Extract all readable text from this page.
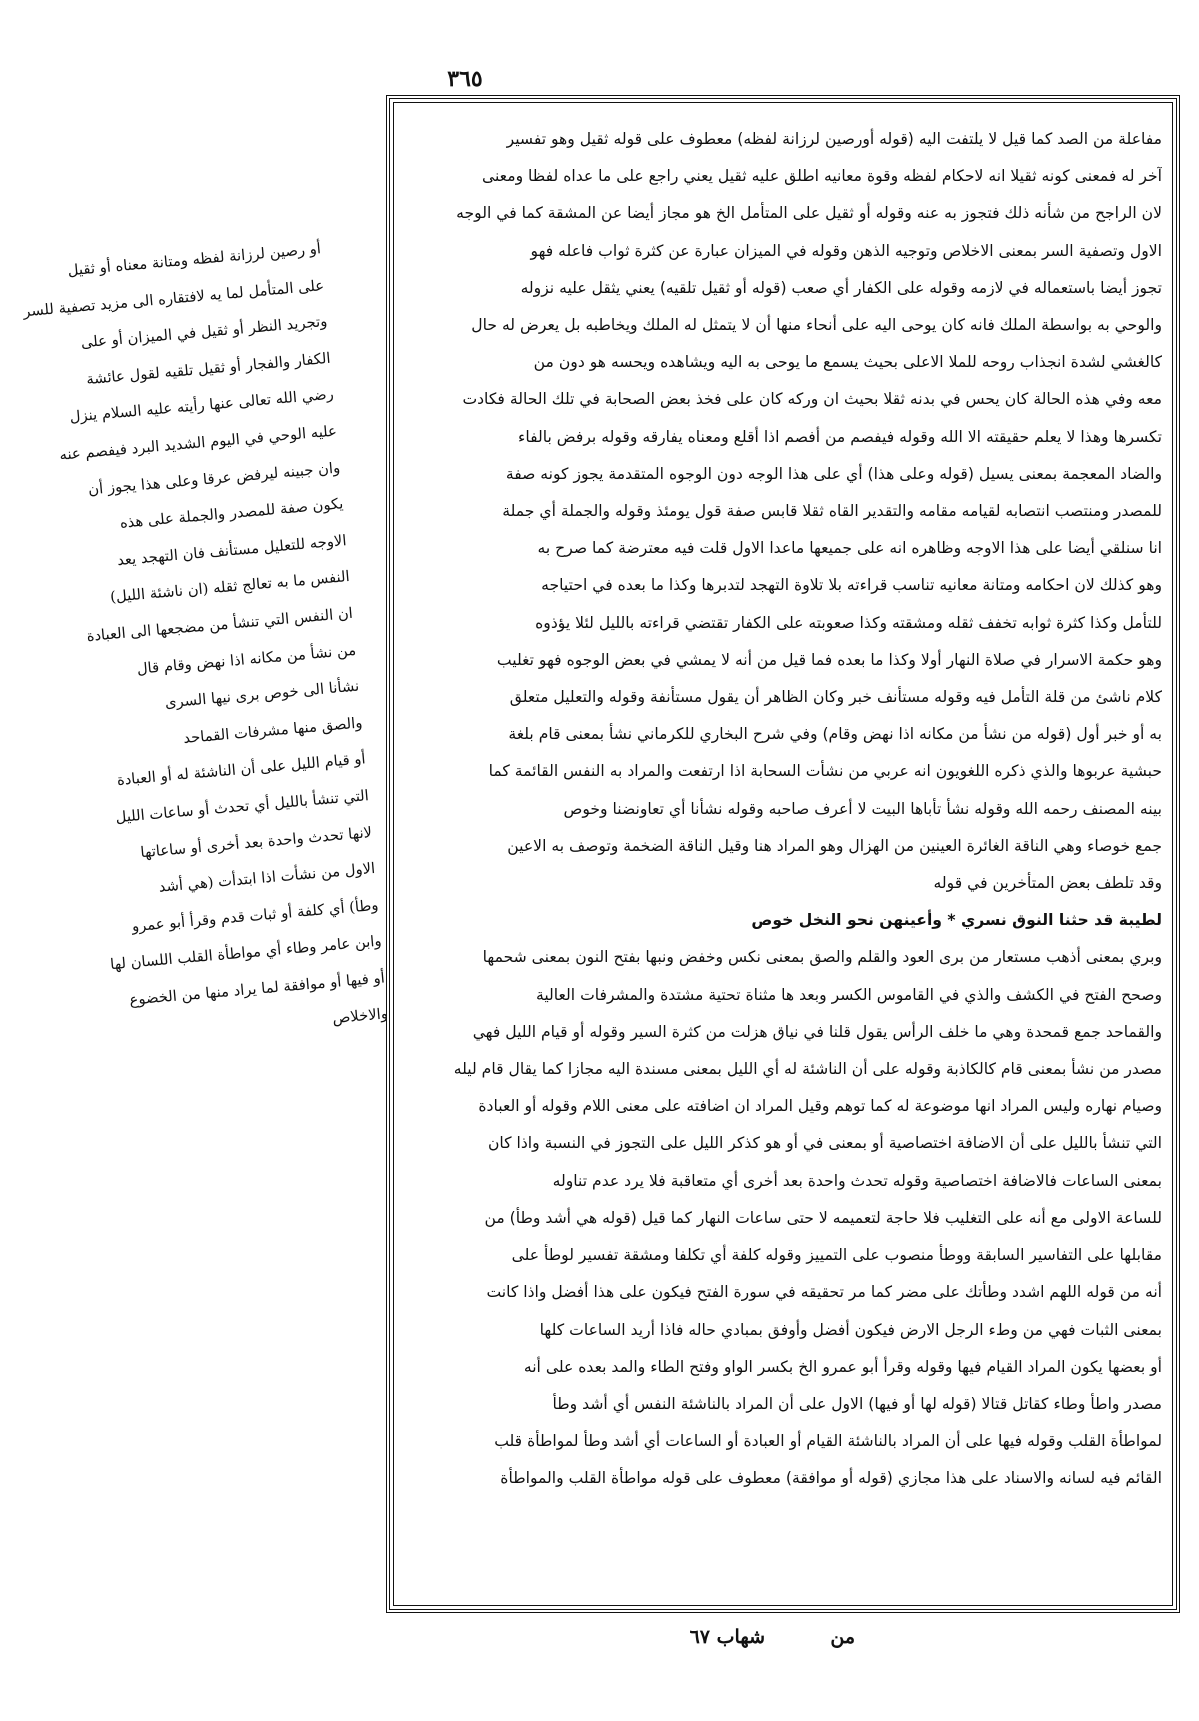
٣٦٥
أو رصين لرزانة لفظه ومتانة معناه أو ثقيل
على المتأمل لما يه لافتقاره الى مزيد تصفية للسر
وتجريد النظر أو ثقيل في الميزان أو على
الكفار والفجار أو ثقيل تلقيه لقول عائشة
رضي الله تعالى عنها رأيته عليه السلام ينزل
عليه الوحي في اليوم الشديد البرد فيفصم عنه
وان جبينه ليرفض عرقا وعلى هذا يجوز أن
يكون صفة للمصدر والجملة على هذه
الاوجه للتعليل مستأنف فان التهجد يعد
النفس ما به تعالج ثقله (ان ناشئة الليل)
ان النفس التي تنشأ من مضجعها الى العبادة
من نشأ من مكانه اذا نهض وقام قال
نشأنا الى خوص برى نيها السرى
والصق منها مشرفات القماحد
أو قيام الليل على أن الناشئة له أو العبادة
التي تنشأ بالليل أي تحدث أو ساعات الليل
لانها تحدث واحدة بعد أخرى أو ساعاتها
الاول من نشأت اذا ابتدأت (هي أشد
وطأ) أي كلفة أو ثبات قدم وقرأ أبو عمرو
وابن عامر وطاء أي مواطأة القلب اللسان لها
أو فيها أو موافقة لما يراد منها من الخضوع
والاخلاص
مفاعلة من الصد كما قيل لا يلتفت اليه (قوله أورصين لرزانة لفظه) معطوف على قوله ثقيل وهو تفسير
آخر له فمعنى كونه ثقيلا انه لاحكام لفظه وقوة معانيه اطلق عليه ثقيل يعني راجع على ما عداه لفظا ومعنى
لان الراجح من شأنه ذلك فتجوز به عنه وقوله أو ثقيل على المتأمل الخ هو مجاز أيضا عن المشقة كما في الوجه
الاول وتصفية السر بمعنى الاخلاص وتوجيه الذهن وقوله في الميزان عبارة عن كثرة ثواب فاعله فهو
تجوز أيضا باستعماله في لازمه وقوله على الكفار أي صعب (قوله أو ثقيل تلقيه) يعني يثقل عليه نزوله
والوحي به بواسطة الملك فانه كان يوحى اليه على أنحاء منها أن لا يتمثل له الملك ويخاطبه بل يعرض له حال
كالغشي لشدة انجذاب روحه للملا الاعلى بحيث يسمع ما يوحى به اليه ويشاهده ويحسه هو دون من
معه وفي هذه الحالة كان يحس في بدنه ثقلا بحيث ان وركه كان على فخذ بعض الصحابة في تلك الحالة فكادت
تكسرها وهذا لا يعلم حقيقته الا الله وقوله فيفصم من أفصم اذا أقلع ومعناه يفارقه وقوله برفض بالفاء
والضاد المعجمة بمعنى يسيل (قوله وعلى هذا) أي على هذا الوجه دون الوجوه المتقدمة يجوز كونه صفة
للمصدر ومنتصب انتصابه لقيامه مقامه والتقدير القاه ثقلا قابس صفة قول يومئذ وقوله والجملة أي جملة
انا سنلقي أيضا على هذا الاوجه وظاهره انه على جميعها ماعدا الاول قلت فيه معترضة كما صرح به
وهو كذلك لان احكامه ومتانة معانيه تناسب قراءته بلا تلاوة التهجد لتدبرها وكذا ما بعده في احتياجه
للتأمل وكذا كثرة ثوابه تخفف ثقله ومشقته وكذا صعوبته على الكفار تقتضي قراءته بالليل لئلا يؤذوه
وهو حكمة الاسرار في صلاة النهار أولا وكذا ما بعده فما قيل من أنه لا يمشي في بعض الوجوه فهو تغليب
كلام ناشئ من قلة التأمل فيه وقوله مستأنف خبر وكان الظاهر أن يقول مستأنفة وقوله والتعليل متعلق
به أو خبر أول (قوله من نشأ من مكانه اذا نهض وقام) وفي شرح البخاري للكرماني نشأ بمعنى قام بلغة
حبشية عربوها والذي ذكره اللغويون انه عربي من نشأت السحابة اذا ارتفعت والمراد به النفس القائمة كما
بينه المصنف رحمه الله وقوله نشأ تأباها البيت لا أعرف صاحبه وقوله نشأنا أي تعاونضنا وخوص
جمع خوصاء وهي الناقة الغائرة العينين من الهزال وهو المراد هنا وقيل الناقة الضخمة وتوصف به الاعين
وقد تلطف بعض المتأخرين في قوله
لطيبة قد حثنا النوق نسري * وأعينهن نحو النخل خوص
وبري بمعنى أذهب مستعار من برى العود والقلم والصق بمعنى نكس وخفض ونبها بفتح النون بمعنى شحمها
وصحح الفتح في الكشف والذي في القاموس الكسر وبعد ها مثناة تحتية مشتدة والمشرفات العالية
والقماحد جمع قمحدة وهي ما خلف الرأس يقول قلنا في نياق هزلت من كثرة السير وقوله أو قيام الليل فهي
مصدر من نشأ بمعنى قام كالكاذبة وقوله على أن الناشئة له أي الليل بمعنى مسندة اليه مجازا كما يقال قام ليله
وصيام نهاره وليس المراد انها موضوعة له كما توهم وقيل المراد ان اضافته على معنى اللام وقوله أو العبادة
التي تنشأ بالليل على أن الاضافة اختصاصية أو بمعنى في أو هو كذكر الليل على التجوز في النسبة واذا كان
بمعنى الساعات فالاضافة اختصاصية وقوله تحدث واحدة بعد أخرى أي متعاقبة فلا يرد عدم تناوله
للساعة الاولى مع أنه على التغليب فلا حاجة لتعميمه لا حتى ساعات النهار كما قيل (قوله هي أشد وطأ) من
مقابلها على التفاسير السابقة ووطأ منصوب على التمييز وقوله كلفة أي تكلفا ومشقة تفسير لوطأ على
أنه من قوله اللهم اشدد وطأتك على مضر كما مر تحقيقه في سورة الفتح فيكون على هذا أفضل واذا كانت
بمعنى الثبات فهي من وطء الرجل الارض فيكون أفضل وأوفق بمبادي حاله فاذا أريد الساعات كلها
أو بعضها يكون المراد القيام فيها وقوله وقرأ أبو عمرو الخ بكسر الواو وفتح الطاء والمد بعده على أنه
مصدر واطأ وطاء كقاتل قتالا (قوله لها أو فيها) الاول على أن المراد بالناشئة النفس أي أشد وطأ
لمواطأة القلب وقوله فيها على أن المراد بالناشئة القيام أو العبادة أو الساعات أي أشد وطأ لمواطأة قلب
القائم فيه لسانه والاسناد على هذا مجازي (قوله أو موافقة) معطوف على قوله مواطأة القلب والمواطأة
٦٧ شهاب	من
